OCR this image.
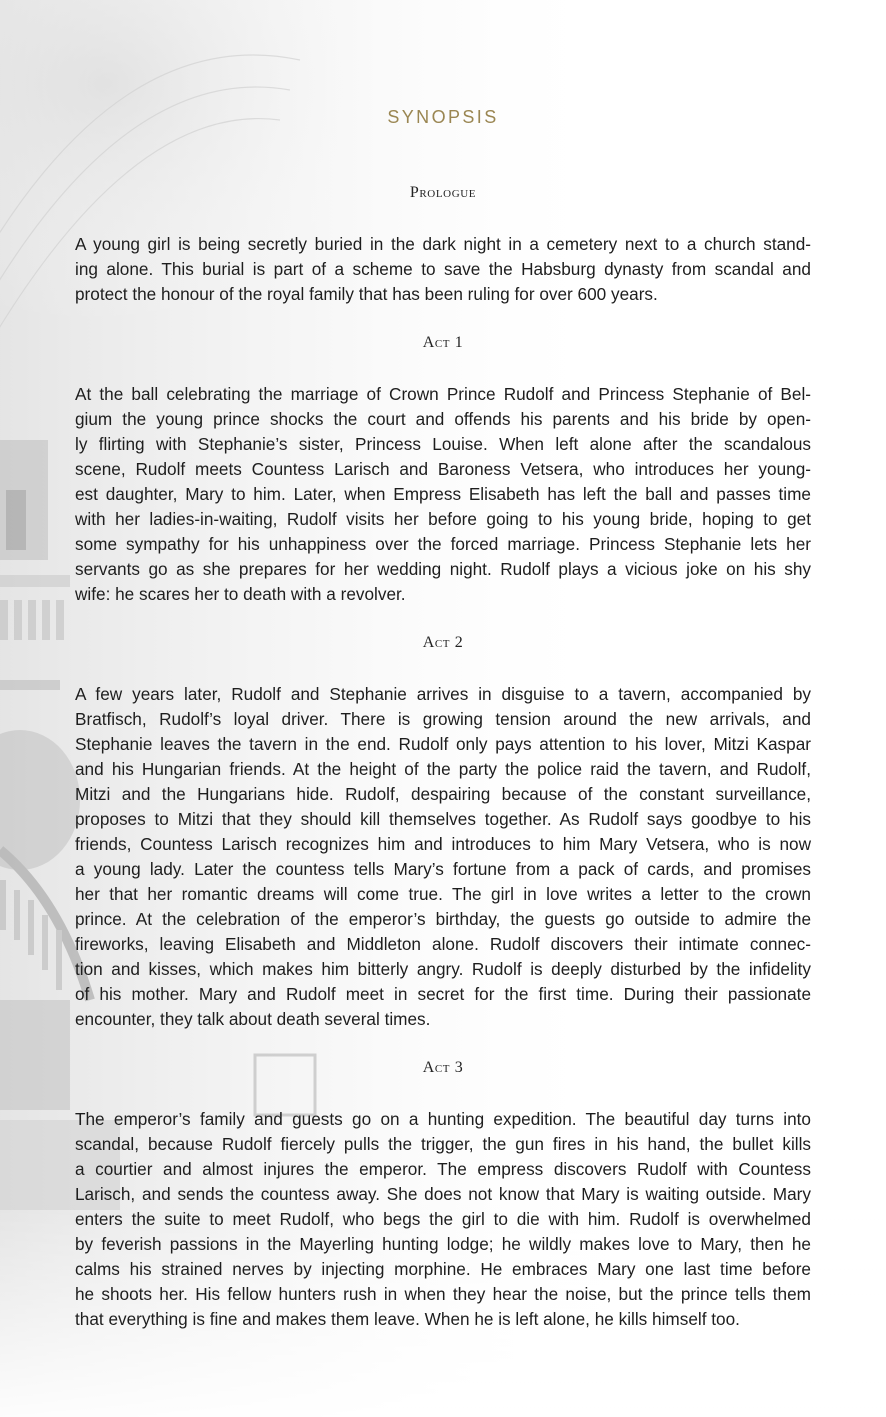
SYNOPSIS
Prologue
A young girl is being secretly buried in the dark night in a cemetery next to a church stand-
ing alone. This burial is part of a scheme to save the Habsburg dynasty from scandal and
protect the honour of the royal family that has been ruling for over 600 years.
Act 1
At the ball celebrating the marriage of Crown Prince Rudolf and Princess Stephanie of Bel-
gium the young prince shocks the court and offends his parents and his bride by open-
ly flirting with Stephanie’s sister, Princess Louise. When left alone after the scandalous
scene, Rudolf meets Countess Larisch and Baroness Vetsera, who introduces her young-
est daughter, Mary to him. Later, when Empress Elisabeth has left the ball and passes time
with her ladies-in-waiting, Rudolf visits her before going to his young bride, hoping to get
some sympathy for his unhappiness over the forced marriage. Princess Stephanie lets her
servants go as she prepares for her wedding night. Rudolf plays a vicious joke on his shy
wife: he scares her to death with a revolver.
Act 2
A few years later, Rudolf and Stephanie arrives in disguise to a tavern, accompanied by
Bratfisch, Rudolf’s loyal driver. There is growing tension around the new arrivals, and
Stephanie leaves the tavern in the end. Rudolf only pays attention to his lover, Mitzi Kaspar
and his Hungarian friends. At the height of the party the police raid the tavern, and Rudolf,
Mitzi and the Hungarians hide. Rudolf, despairing because of the constant surveillance,
proposes to Mitzi that they should kill themselves together. As Rudolf says goodbye to his
friends, Countess Larisch recognizes him and introduces to him Mary Vetsera, who is now
a young lady. Later the countess tells Mary’s fortune from a pack of cards, and promises
her that her romantic dreams will come true. The girl in love writes a letter to the crown
prince. At the celebration of the emperor’s birthday, the guests go outside to admire the
fireworks, leaving Elisabeth and Middleton alone. Rudolf discovers their intimate connec-
tion and kisses, which makes him bitterly angry. Rudolf is deeply disturbed by the infidelity
of his mother. Mary and Rudolf meet in secret for the first time. During their passionate
encounter, they talk about death several times.
Act 3
The emperor’s family and guests go on a hunting expedition. The beautiful day turns into
scandal, because Rudolf fiercely pulls the trigger, the gun fires in his hand, the bullet kills
a courtier and almost injures the emperor. The empress discovers Rudolf with Countess
Larisch, and sends the countess away. She does not know that Mary is waiting outside. Mary
enters the suite to meet Rudolf, who begs the girl to die with him. Rudolf is overwhelmed
by feverish passions in the Mayerling hunting lodge; he wildly makes love to Mary, then he
calms his strained nerves by injecting morphine. He embraces Mary one last time before
he shoots her. His fellow hunters rush in when they hear the noise, but the prince tells them
that everything is fine and makes them leave. When he is left alone, he kills himself too.
